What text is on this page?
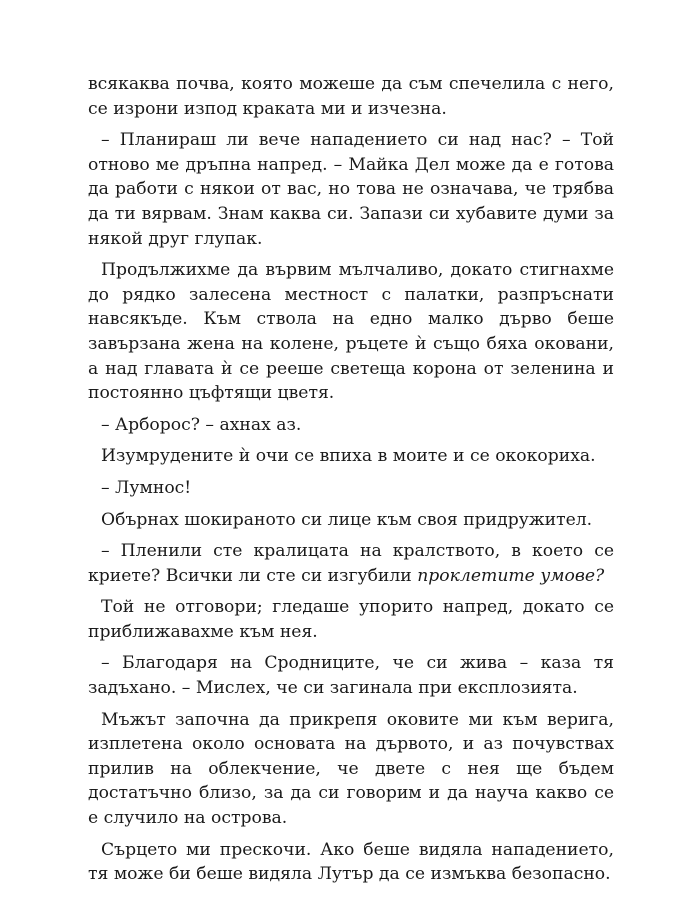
всякаква почва, която можеше да съм спечелила с него, се изрони изпод краката ми и изчезна.

– Планираш ли вече нападението си над нас? – Той отново ме дръпна напред. – Майка Дел може да е готова да работи с някои от вас, но това не означава, че трябва да ти вярвам. Знам каква си. Запази си хубавите думи за някой друг глупак.

Продължихме да вървим мълчаливо, докато стигнахме до рядко залесена местност с палатки, разпръснати навсякъде. Към ствола на едно малко дърво беше завързана жена на колене, ръцете ѝ също бяха оковани, а над главата ѝ се рееше светеща корона от зеленина и постоянно цъфтящи цветя.

– Арборос? – ахнах аз.

Изумрудените ѝ очи се впиха в моите и се ококориха.

– Лумнос!

Обърнах шокираното си лице към своя придружител.

– Пленили сте кралицата на кралството, в което се криете? Всички ли сте си изгубили проклетите умове?

Той не отговори; гледаше упорито напред, докато се приближавахме към нея.

– Благодаря на Сродниците, че си жива – каза тя задъхано. – Мислех, че си загинала при експлозията.

Мъжът започна да прикрепя оковите ми към верига, изплетена около основата на дървото, и аз почувствах прилив на облекчение, че двете с нея ще бъдем достатъчно близо, за да си говорим и да науча какво се е случило на острова.

Сърцето ми прескочи. Ако беше видяла нападението, тя може би беше видяла Лутър да се измъква безопасно.
